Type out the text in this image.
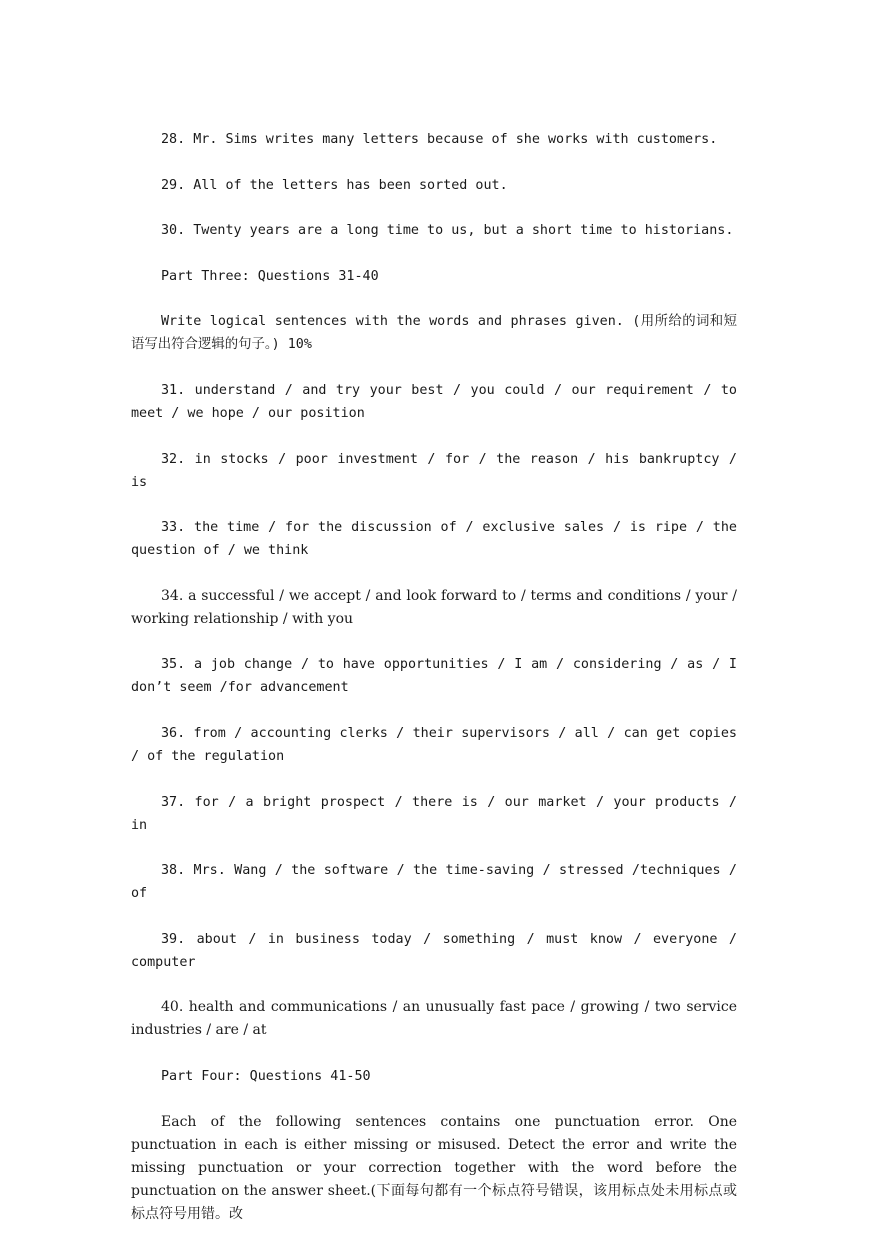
28. Mr. Sims writes many letters because of she works with customers.

29. All of the letters has been sorted out.

30. Twenty years are a long time to us, but a short time to historians.

Part Three: Questions 31-40

Write logical sentences with the words and phrases given. (用所给的词和短语写出符合逻辑的句子。) 10%

31. understand / and try your best / you could / our requirement / to meet / we hope / our position

32. in stocks / poor investment / for / the reason / his bankruptcy / is

33. the time / for the discussion of / exclusive sales / is ripe / the question of / we think

34. a successful / we accept / and look forward to / terms and conditions / your / working relationship / with you

35. a job change / to have opportunities / I am / considering / as / I don’t seem /for advancement

36. from / accounting clerks / their supervisors / all / can get copies / of the regulation

37. for / a bright prospect / there is / our market / your products / in

38. Mrs. Wang / the software / the time-saving / stressed /techniques / of

39. about / in business today / something / must know / everyone / computer

40. health and communications / an unusually fast pace / growing / two service industries / are / at

Part Four: Questions 41-50

Each of the following sentences contains one punctuation error. One punctuation in each is either missing or misused. Detect the error and write the missing punctuation or your correction together with the word before the punctuation on the answer sheet.(下面每句都有一个标点符号错误，该用标点处未用标点或标点符号用错。改
